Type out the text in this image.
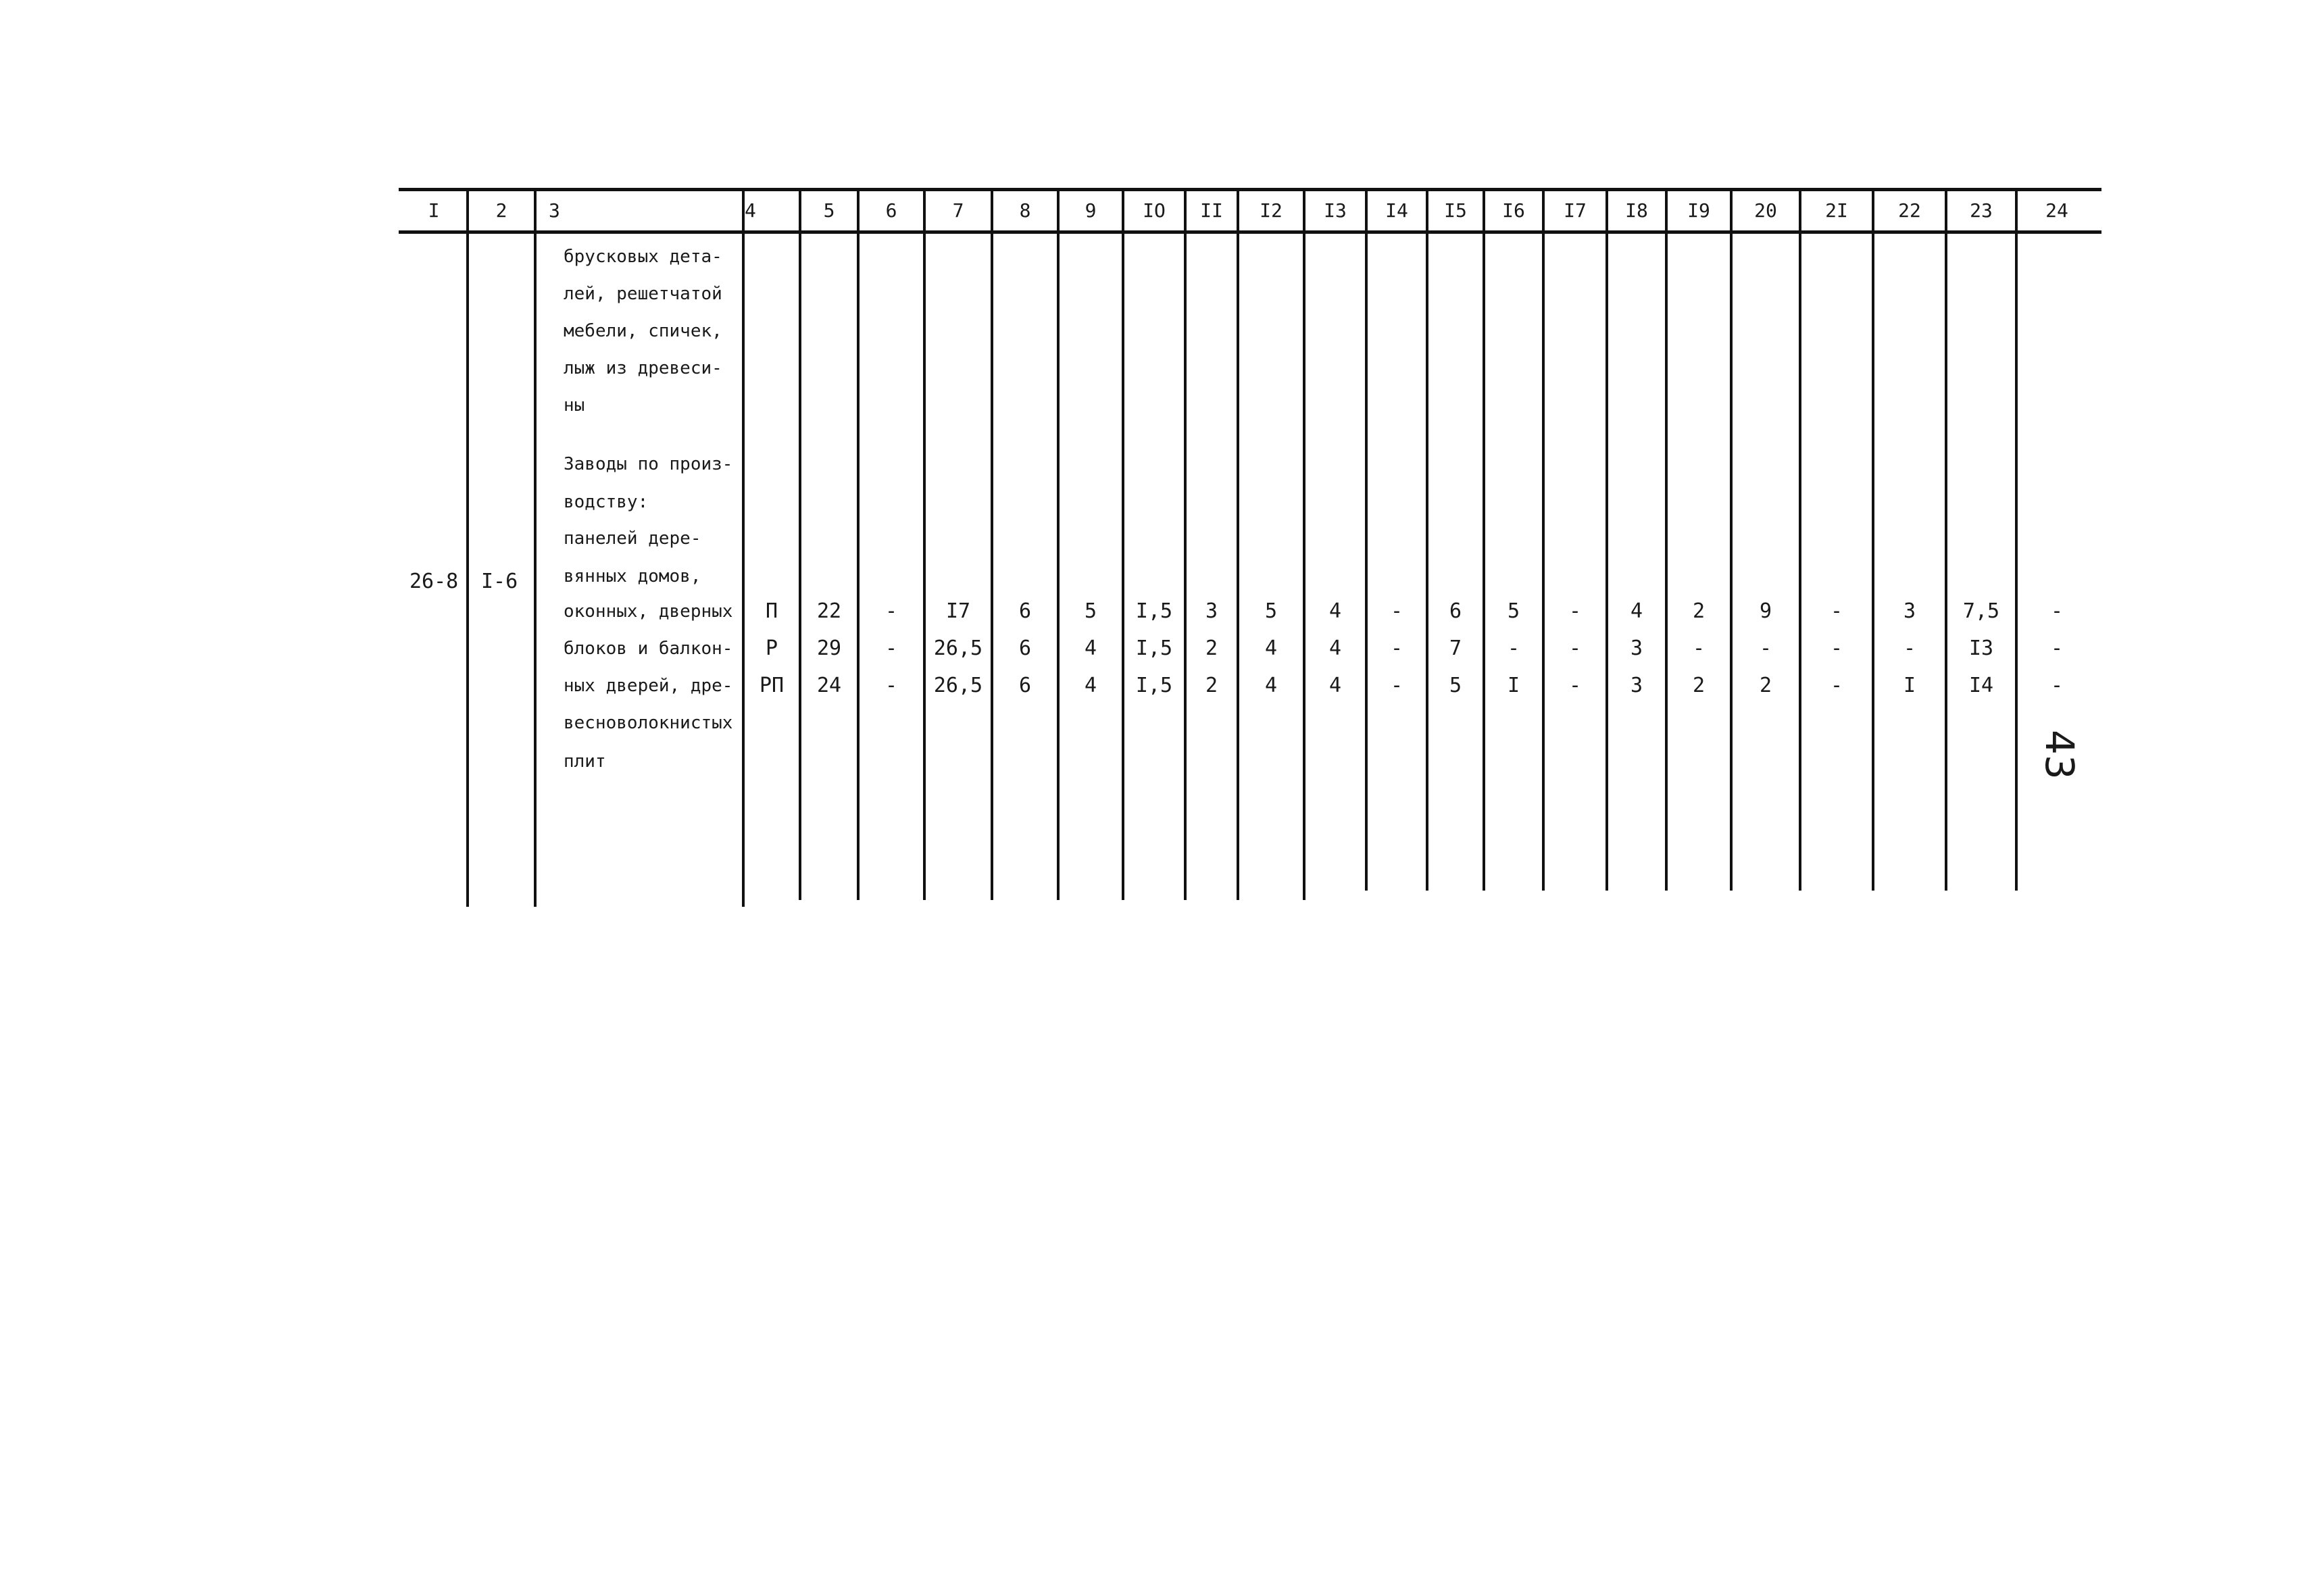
I	2	3	4	5	6	7	8	9	IO	II	I2	I3	I4	I5	I6	I7	I8	I9	20	2I	22	23	24
26-8 I-6
брусковых дета-
лей, решетчатой
мебели, спичек,
лыж из древеси-
ны
Заводы по произ-
водству:
панелей дере-
вянных домов,
оконных, дверных
блоков и балкон-
ных дверей, дре-
весноволокнистых
плит
П	22	-	I7	6	5	I,5	3	5	4	-	6	5	-	4	2	9	-	3	7,5	-
Р	29	-	26,5	6	4	I,5	2	4	4	-	7	-	-	3	-	-	-	-	I3	-
РП	24	-	26,5	6	4	I,5	2	4	4	-	5	I	-	3	2	2	-	I	I4	-
43
